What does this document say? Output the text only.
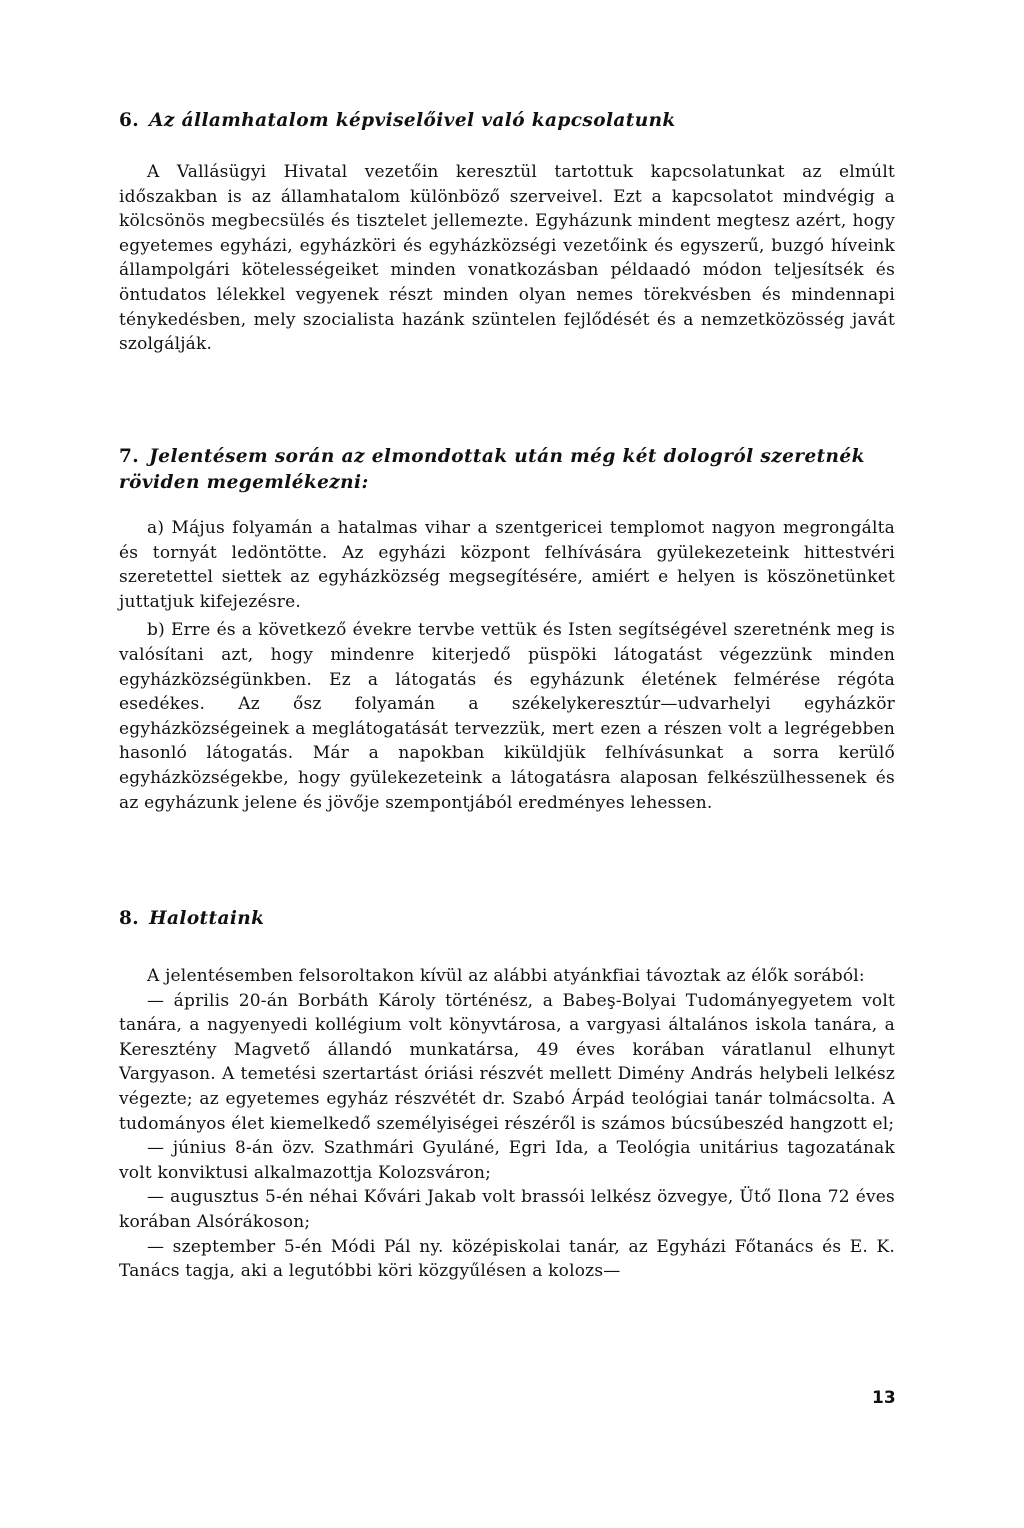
6. Az államhatalom képviselőivel való kapcsolatunk

A Vallásügyi Hivatal vezetőin keresztül tartottuk kapcsolatunkat az elmúlt időszakban is az államhatalom különböző szerveivel. Ezt a kapcsolatot mindvégig a kölcsönös megbecsülés és tisztelet jellemezte. Egyházunk mindent megtesz azért, hogy egyetemes egyházi, egyházköri és egyházközségi vezetőink és egyszerű, buzgó híveink állampolgári kötelességeiket minden vonatkozásban példaadó módon teljesítsék és öntudatos lélekkel vegyenek részt minden olyan nemes törekvésben és mindennapi ténykedésben, mely szocialista hazánk szüntelen fejlődését és a nemzetközösség javát szolgálják.

7. Jelentésem során az elmondottak után még két dologról szeretnék röviden megemlékezni:

a) Május folyamán a hatalmas vihar a szentgericei templomot nagyon megrongálta és tornyát ledöntötte. Az egyházi központ felhívására gyülekezeteink hittestvéri szeretettel siettek az egyházközség megsegítésére, amiért e helyen is köszönetünket juttatjuk kifejezésre.

b) Erre és a következő évekre tervbe vettük és Isten segítségével szeretnénk meg is valósítani azt, hogy mindenre kiterjedő püspöki látogatást végezzünk minden egyházközségünkben. Ez a látogatás és egyházunk életének felmérése régóta esedékes. Az ősz folyamán a székelykeresztúr—udvarhelyi egyházkör egyházközségeinek a meglátogatását tervezzük, mert ezen a részen volt a legrégebben hasonló látogatás. Már a napokban kiküldjük felhívásunkat a sorra kerülő egyházközségekbe, hogy gyülekezeteink a látogatásra alaposan felkészülhessenek és az egyházunk jelene és jövője szempontjából eredményes lehessen.

8. Halottaink

A jelentésemben felsoroltakon kívül az alábbi atyánkfiai távoztak az élők sorából:

— április 20-án Borbáth Károly történész, a Babeş-Bolyai Tudományegyetem volt tanára, a nagyenyedi kollégium volt könyvtárosa, a vargyasi általános iskola tanára, a Keresztény Magvető állandó munkatársa, 49 éves korában váratlanul elhunyt Vargyason. A temetési szertartást óriási részvét mellett Dimény András helybeli lelkész végezte; az egyetemes egyház részvétét dr. Szabó Árpád teológiai tanár tolmácsolta. A tudományos élet kiemelkedő személyiségei részéről is számos búcsúbeszéd hangzott el;
— június 8-án özv. Szathmári Gyuláné, Egri Ida, a Teológia unitárius tagozatának volt konviktusi alkalmazottja Kolozsváron;
— augusztus 5-én néhai Kővári Jakab volt brassói lelkész özvegye, Ütő Ilona 72 éves korában Alsórákoson;
— szeptember 5-én Módi Pál ny. középiskolai tanár, az Egyházi Főtanács és E. K. Tanács tagja, aki a legutóbbi köri közgyűlésen a kolozs—
13
